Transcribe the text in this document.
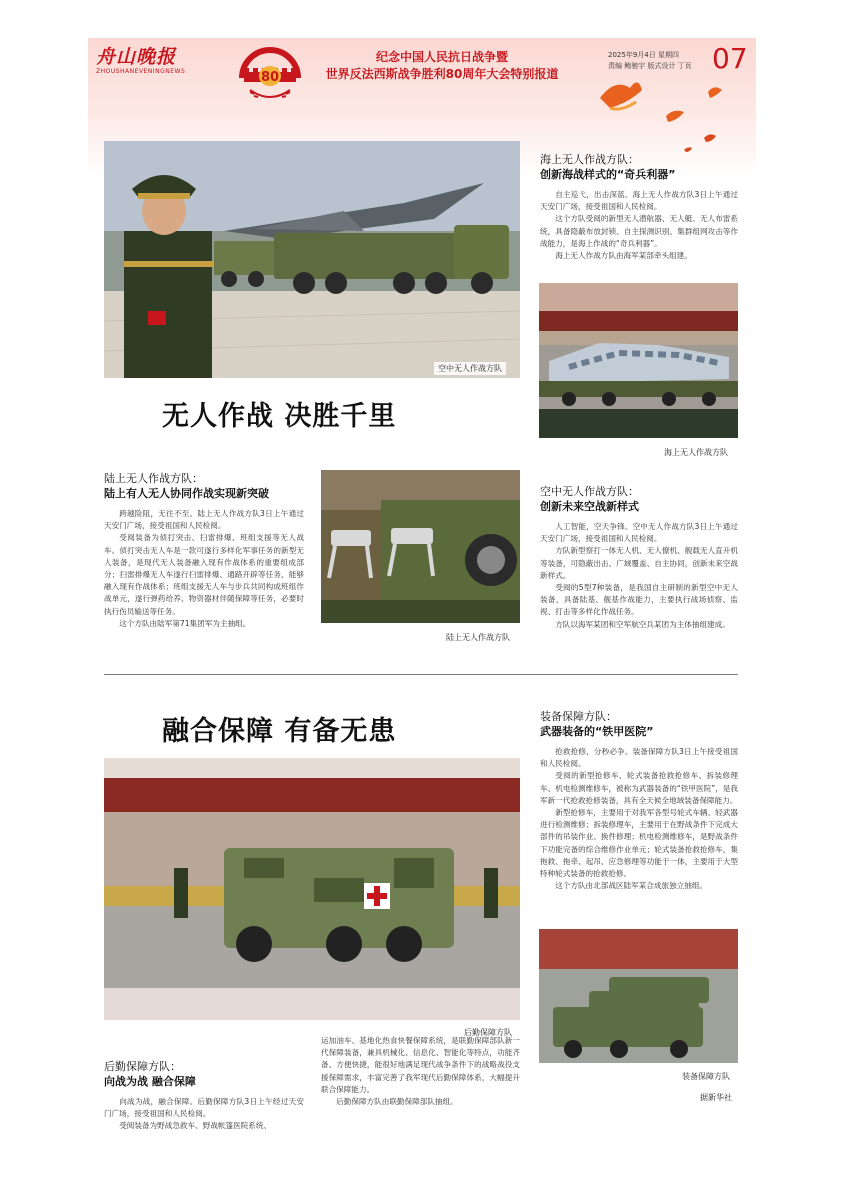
舟山晚报
ZHOUSHANEVENINGNEWS	80
纪念中国人民抗日战争暨
世界反法西斯战争胜利80周年大会特别报道
2025年9月4日 星期四
责编 鲍驰宇 版式设计 丁页 07
空中无人作战方队
海上无人作战方队：
创新海战样式的“奇兵利器”

自主巡弋，出击深蓝。海上无人作战方队3日上午通过天安门广场，接受祖国和人民检阅。

这个方队受阅的新型无人潜航器、无人艇、无人布雷系统，具备隐蔽布放封锁、自主探测识别、集群组网攻击等作战能力，是海上作战的“奇兵利器”。

海上无人作战方队由海军某部牵头组建。

海上无人作战方队
无人作战 决胜千里
陆上无人作战方队：
陆上有人无人协同作战实现新突破

跨越险阻，无往不至。陆上无人作战方队3日上午通过天安门广场，接受祖国和人民检阅。

受阅装备为侦打突击、扫雷排爆、班组支援等无人战车。侦打突击无人车是一款可遂行多样化军事任务的新型无人装备，是现代无人装备融入现有作战体系的重要组成部分；扫雷排爆无人车遂行扫雷排爆、通路开辟等任务，能够融入现有作战体系；班组支援无人车与步兵共同构成班组作战单元，遂行弹药给养、物资器材伴随保障等任务，必要时执行伤员输送等任务。

这个方队由陆军第71集团军为主抽组。

陆上无人作战方队
空中无人作战方队：
创新未来空战新样式

人工智能，空天争锋。空中无人作战方队3日上午通过天安门广场，接受祖国和人民检阅。

方队新型察打一体无人机、无人僚机、舰载无人直升机等装备，可隐蔽出击、广域覆盖、自主协同，创新未来空战新样式。

受阅的5型7种装备，是我国自主研制的新型空中无人装备，具备陆基、舰基作战能力，主要执行战场侦察、监视、打击等多样化作战任务。

方队以海军某团和空军航空兵某团为主体抽组建成。

融合保障 有备无患
后勤保障方队
装备保障方队：
武器装备的“铁甲医院”

抢救抢修，分秒必争。装备保障方队3日上午接受祖国和人民检阅。

受阅的新型抢修车、轮式装备抢救抢修车、拆装修理车、机电检测维修车，被称为武器装备的“铁甲医院”，是我军新一代抢救抢修装备，具有全天候全地域装备保障能力。

新型抢修车，主要用于对我军各型号轮式车辆、轻武器进行检测维修；拆装修理车，主要用于在野战条件下完成大部件的吊装作业、换件修理；机电检测维修车，是野战条件下功能完备的综合维修作业单元；轮式装备抢救抢修车，集拖救、拖牵、起吊、应急修理等功能于一体，主要用于大型特种轮式装备的抢救抢修。

这个方队由北部战区陆军某合成旅独立抽组。

装备保障方队
据新华社
后勤保障方队：
向战为战 融合保障

向战为战，融合保障。后勤保障方队3日上午经过天安门广场，接受祖国和人民检阅。

受阅装备为野战急救车、野战帐篷医院系统、

运加油车、基地化热食快餐保障系统，是联勤保障部队新一代保障装备，兼具机械化、信息化、智能化等特点，功能齐备、方便快捷，能很好地满足现代战争条件下的战略战役支援保障需求，丰富完善了我军现代后勤保障体系，大幅提升联合保障能力。

后勤保障方队由联勤保障部队抽组。
